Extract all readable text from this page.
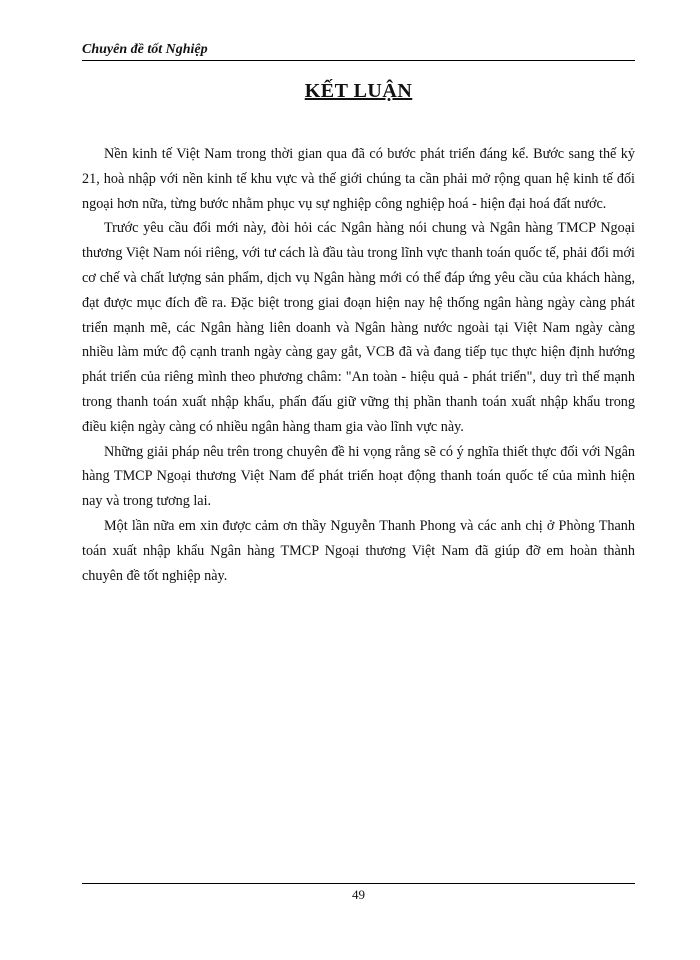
Chuyên đề tốt Nghiệp
KẾT LUẬN

Nền kinh tế Việt Nam trong thời gian qua đã có bước phát triển đáng kể. Bước sang thế kỷ 21, hoà nhập với nền kinh tế khu vực và thế giới chúng ta cần phải mở rộng quan hệ kinh tế đối ngoại hơn nữa, từng bước nhằm phục vụ sự nghiệp công nghiệp hoá - hiện đại hoá đất nước.

Trước yêu cầu đổi mới này, đòi hỏi các Ngân hàng nói chung và Ngân hàng TMCP Ngoại thương Việt Nam nói riêng, với tư cách là đầu tàu trong lĩnh vực thanh toán quốc tế, phải đổi mới cơ chế và chất lượng sản phẩm, dịch vụ Ngân hàng mới có thể đáp ứng yêu cầu của khách hàng, đạt được mục đích đề ra. Đặc biệt trong giai đoạn hiện nay hệ thống ngân hàng ngày càng phát triển mạnh mẽ, các Ngân hàng liên doanh và Ngân hàng nước ngoài tại Việt Nam ngày càng nhiều làm mức độ cạnh tranh ngày càng gay gắt, VCB đã và đang tiếp tục thực hiện định hướng phát triển của riêng mình theo phương châm: "An toàn - hiệu quả - phát triển", duy trì thế mạnh trong thanh toán xuất nhập khẩu, phấn đấu giữ vững thị phần thanh toán xuất nhập khẩu trong điều kiện ngày càng có nhiều ngân hàng tham gia vào lĩnh vực này.

Những giải pháp nêu trên trong chuyên đề hi vọng rằng sẽ có ý nghĩa thiết thực đối với Ngân hàng TMCP Ngoại thương Việt Nam để phát triển hoạt động thanh toán quốc tế của mình hiện nay và trong tương lai.

Một lần nữa em xin được cảm ơn thầy Nguyễn Thanh Phong và các anh chị ở Phòng Thanh toán xuất nhập khẩu Ngân hàng TMCP Ngoại thương Việt Nam đã giúp đỡ em hoàn thành chuyên đề tốt nghiệp này.

49
